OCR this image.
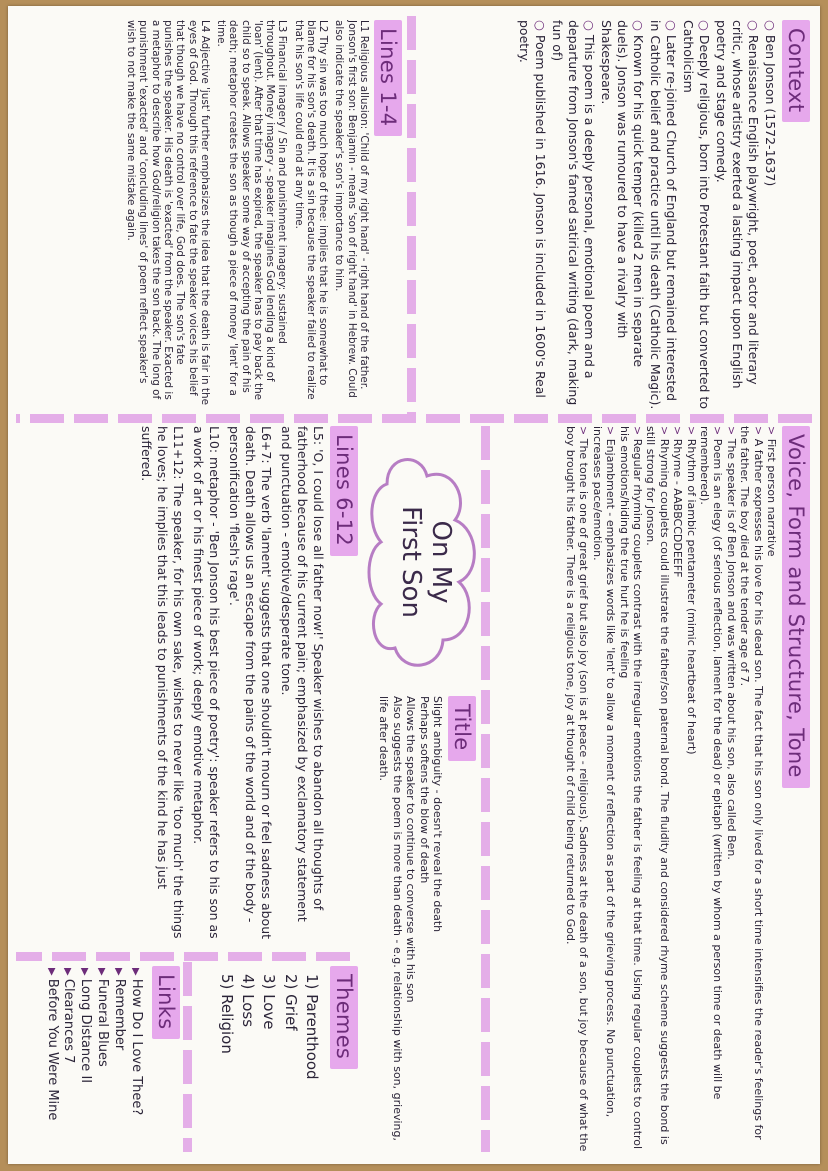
Context
○ Ben Jonson (1572-1637)
○ Renaissance English playwright, poet, actor and literary critic, whose artistry exerted a lasting impact upon English poetry and stage comedy.
○ Deeply religious, born into Protestant faith but converted to Catholicism
○ Later re-joined Church of England but remained interested in Catholic belief and practice until his death (Catholic Magic).
○ Known for his quick temper (killed 2 men in separate duels). Jonson was rumoured to have a rivalry with Shakespeare.
○ This poem is a deeply personal, emotional poem and a departure from Jonson's famed satirical writing (dark, making fun of)
○ Poem published in 1616. Jonson is included in 1600's Real poetry.
Voice, Form and Structure, Tone
> First person narrative
> A father expresses his love for his dead son. The fact that his son only lived for a short time intensifies the reader's feelings for the father. The boy died at the tender age of 7.
> The speaker is of Ben Jonson and was written about his son, also called Ben.
> Poem is an elegy (of serious reflection, lament for the dead) or epitaph (written by whom a person time or death will be remembered).
> Rhythm of iambic pentameter (mimic heartbeat of heart)
> Rhyme - AABBCCDDEEFF
> Rhyming couplets could illustrate the father/son paternal bond. The fluidity and considered rhyme scheme suggests the bond is still strong for Jonson.
> Regular rhyming couplets contrast with the irregular emotions the father is feeling at that time. Using regular couplets to control his emotions/hiding the true hurt he is feeling
> Enjambment - emphasizes words like 'lent' to allow a moment of reflection as part of the grieving process. No punctuation, increases pace/emotion.
> The tone is one of great grief but also joy (son is at peace - religious). Sadness at the death of a son, but joy because of what the boy brought his father. There is a religious tone, joy at thought of child being returned to God.
Lines 1-4
L1 Religious allusion: 'Child of my right hand' - right hand of the father. Jonson's first son: Benjamin - means 'son of right hand' in Hebrew. Could also indicate the speaker's son's importance to him.
L2 Thy sin was too much hope of thee: implies that he is somewhat to blame for his son's death. It is a sin because the speaker failed to realize that his son's life could end at any time.
L3 Financial imagery / Sin and punishment imagery: sustained throughout. Money imagery - speaker imagines God lending a kind of 'loan' (lent). After that time has expired, the speaker has to pay back the child so to speak. Allows speaker some way of accepting the pain of his death; metaphor creates the son as though a piece of money 'lent' for a time.
L4 Adjective 'just' further emphasizes the idea that the death is fair in the eyes of God. Through this reference to fate the speaker voices his belief that though we have no control over life, God does. The son's fate punishes the speaker. His death is 'exacted' from the speaker. Exacted is a metaphor to describe how God/religion takes the son back. The long of punishment 'exacted' and 'concluding lines' of poem reflect speaker's wish to not make the same mistake again.
On My
First Son
Title
Slight ambiguity - doesn't reveal the death
Perhaps softens the blow of death
Allows the speaker to continue to converse with his son
Also suggests the poem is more than death - e.g. relationship with son, grieving, life after death.
Lines 6-12
L5: 'O, I could lose all father now!' Speaker wishes to abandon all thoughts of fatherhood because of his current pain; emphasized by exclamatory statement and punctuation - emotive/desperate tone.
L6+7: The verb 'lament' suggests that one shouldn't mourn or feel sadness about death. Death allows us an escape from the pains of the world and of the body - personification 'flesh's rage'.
L10: metaphor - 'Ben Jonson his best piece of poetry': speaker refers to his son as a work of art or his finest piece of work; deeply emotive metaphor.
L11+12: The speaker, for his own sake, wishes to never like 'too much' the things he loves; he implies that this leads to punishments of the kind he has just suffered.
Themes
1) Parenthood
2) Grief
3) Love
4) Loss
5) Religion
Links
▶ How Do I Love Thee?
▶ Remember
▶ Funeral Blues
▶ Long Distance II
▶ Clearances 7
▶ Before You Were Mine
